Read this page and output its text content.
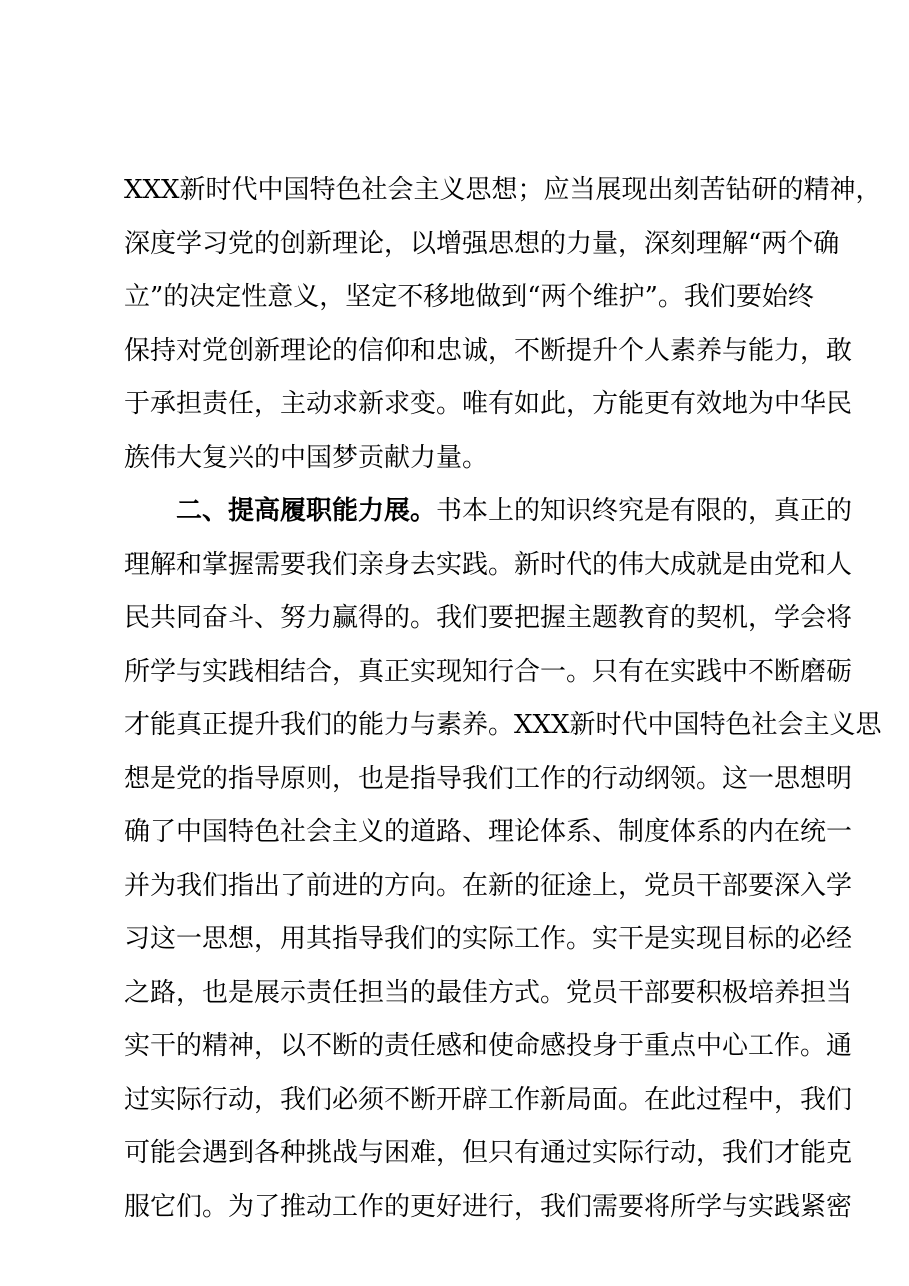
XXX新时代中国特色社会主义思想；应当展现出刻苦钻研的精神，
深度学习党的创新理论，以增强思想的力量，深刻理解“两个确
立”的决定性意义，坚定不移地做到“两个维护”。我们要始终
保持对党创新理论的信仰和忠诚，不断提升个人素养与能力，敢
于承担责任，主动求新求变。唯有如此，方能更有效地为中华民
族伟大复兴的中国梦贡献力量。
二、提高履职能力展。书本上的知识终究是有限的，真正的
理解和掌握需要我们亲身去实践。新时代的伟大成就是由党和人
民共同奋斗、努力赢得的。我们要把握主题教育的契机，学会将
所学与实践相结合，真正实现知行合一。只有在实践中不断磨砺
才能真正提升我们的能力与素养。XXX新时代中国特色社会主义思
想是党的指导原则，也是指导我们工作的行动纲领。这一思想明
确了中国特色社会主义的道路、理论体系、制度体系的内在统一
并为我们指出了前进的方向。在新的征途上，党员干部要深入学
习这一思想，用其指导我们的实际工作。实干是实现目标的必经
之路，也是展示责任担当的最佳方式。党员干部要积极培养担当
实干的精神，以不断的责任感和使命感投身于重点中心工作。通
过实际行动，我们必须不断开辟工作新局面。在此过程中，我们
可能会遇到各种挑战与困难，但只有通过实际行动，我们才能克
服它们。为了推动工作的更好进行，我们需要将所学与实践紧密
